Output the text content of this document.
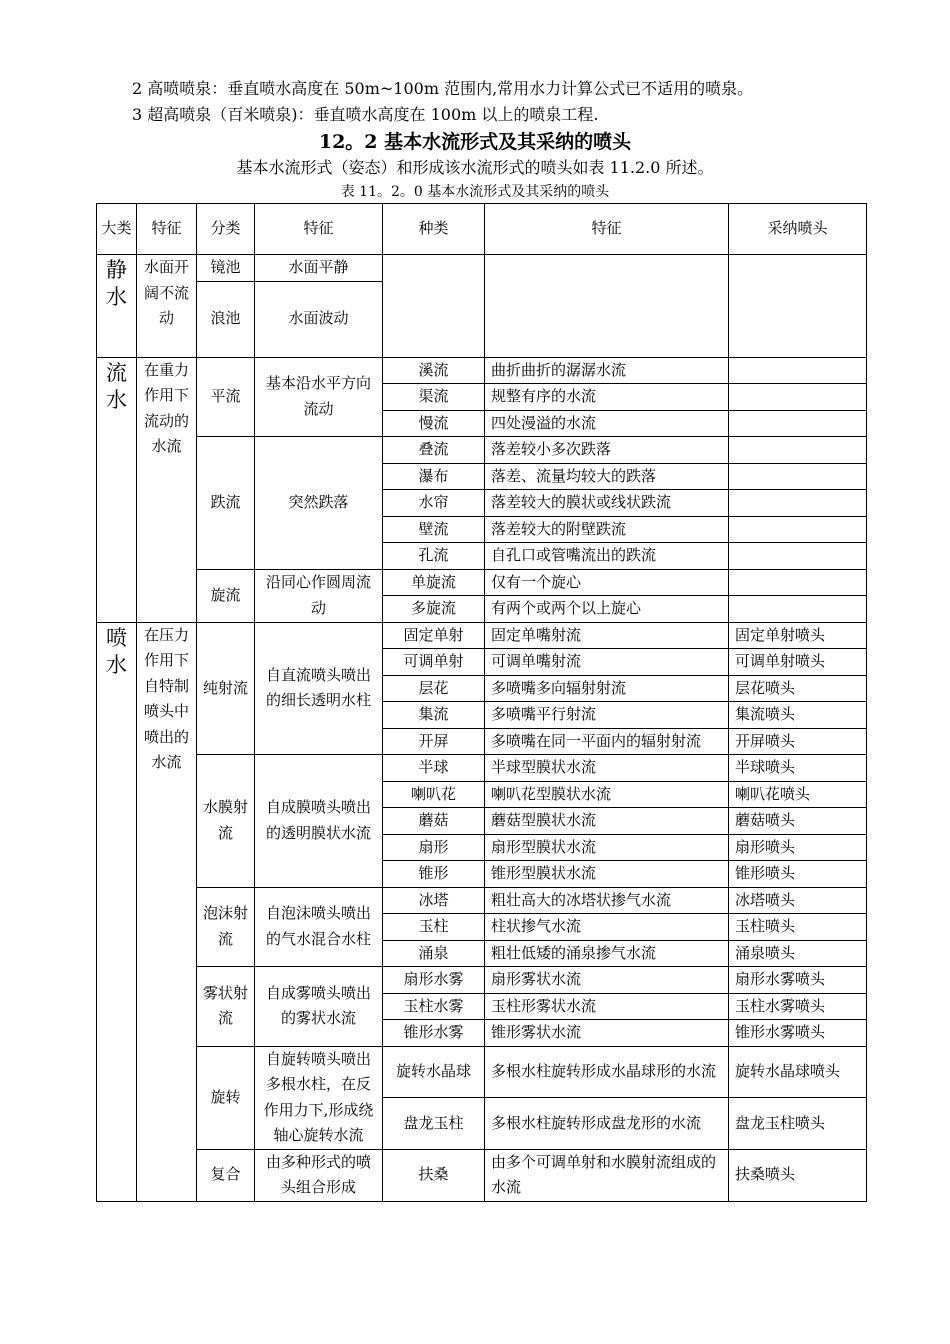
2 高喷喷泉：垂直喷水高度在 50m~100m 范围内,常用水力计算公式已不适用的喷泉。
3 超高喷泉（百米喷泉)：垂直喷水高度在 100m 以上的喷泉工程.
12。2 基本水流形式及其采纳的喷头
基本水流形式（姿态）和形成该水流形式的喷头如表 11.2.0 所述。
表 11。2。0 基本水流形式及其采纳的喷头
大类	特征	分类	特征	种类	特征	采纳喷头
静水	水面开阔不流动	镜池	水面平静			
		浪池	水面波动			
流水	在重力作用下流动的水流	平流	基本沿水平方向流动	溪流	曲折曲折的潺潺水流	
				渠流	规整有序的水流	
				慢流	四处漫溢的水流	
		跌流	突然跌落	叠流	落差较小多次跌落	
				瀑布	落差、流量均较大的跌落	
				水帘	落差较大的膜状或线状跌流	
				壁流	落差较大的附壁跌流	
				孔流	自孔口或管嘴流出的跌流	
		旋流	沿同心作圆周流动	单旋流	仅有一个旋心	
				多旋流	有两个或两个以上旋心	
喷水	在压力作用下自特制喷头中喷出的水流	纯射流	自直流喷头喷出的细长透明水柱	固定单射	固定单嘴射流	固定单射喷头
				可调单射	可调单嘴射流	可调单射喷头
				层花	多喷嘴多向辐射射流	层花喷头
				集流	多喷嘴平行射流	集流喷头
				开屏	多喷嘴在同一平面内的辐射射流	开屏喷头
		水膜射流	自成膜喷头喷出的透明膜状水流	半球	半球型膜状水流	半球喷头
				喇叭花	喇叭花型膜状水流	喇叭花喷头
				蘑菇	蘑菇型膜状水流	蘑菇喷头
				扇形	扇形型膜状水流	扇形喷头
				锥形	锥形型膜状水流	锥形喷头
		泡沫射流	自泡沫喷头喷出的气水混合水柱	冰塔	粗壮高大的冰塔状掺气水流	冰塔喷头
				玉柱	柱状掺气水流	玉柱喷头
				涌泉	粗壮低矮的涌泉掺气水流	涌泉喷头
		雾状射流	自成雾喷头喷出的雾状水流	扇形水雾	扇形雾状水流	扇形水雾喷头
				玉柱水雾	玉柱形雾状水流	玉柱水雾喷头
				锥形水雾	锥形雾状水流	锥形水雾喷头
		旋转	自旋转喷头喷出多根水柱，在反作用力下,形成绕轴心旋转水流	旋转水晶球	多根水柱旋转形成水晶球形的水流	旋转水晶球喷头
				盘龙玉柱	多根水柱旋转形成盘龙形的水流	盘龙玉柱喷头
		复合	由多种形式的喷头组合形成	扶桑	由多个可调单射和水膜射流组成的水流	扶桑喷头
